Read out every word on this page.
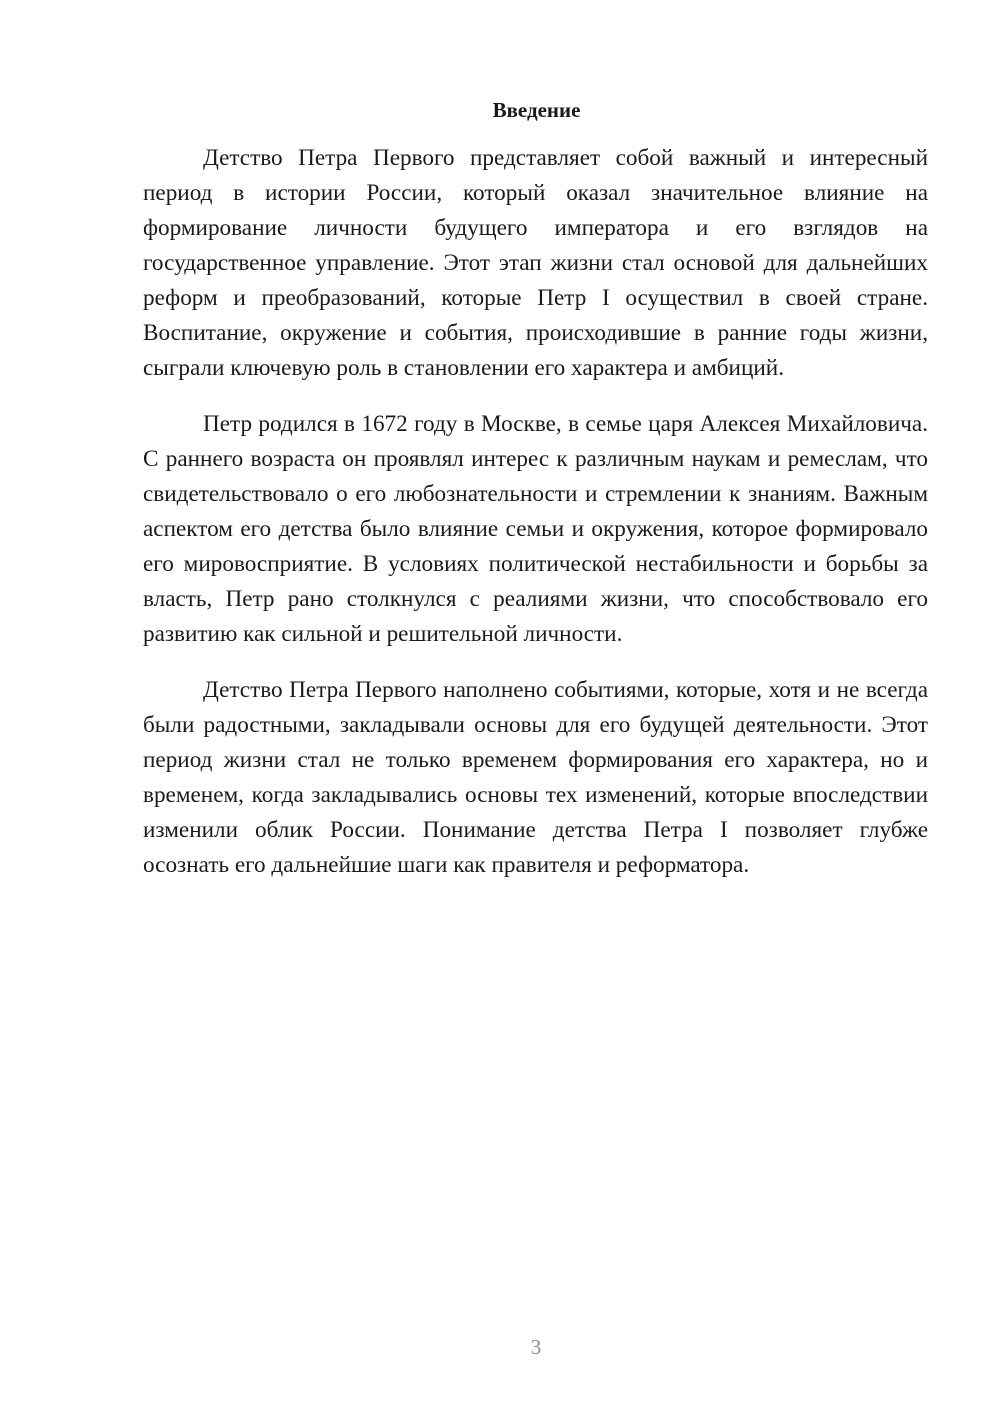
Введение

Детство Петра Первого представляет собой важный и интересный период в истории России, который оказал значительное влияние на формирование личности будущего императора и его взглядов на государственное управление. Этот этап жизни стал основой для дальнейших реформ и преобразований, которые Петр I осуществил в своей стране. Воспитание, окружение и события, происходившие в ранние годы жизни, сыграли ключевую роль в становлении его характера и амбиций.

Петр родился в 1672 году в Москве, в семье царя Алексея Михайловича. С раннего возраста он проявлял интерес к различным наукам и ремеслам, что свидетельствовало о его любознательности и стремлении к знаниям. Важным аспектом его детства было влияние семьи и окружения, которое формировало его мировосприятие. В условиях политической нестабильности и борьбы за власть, Петр рано столкнулся с реалиями жизни, что способствовало его развитию как сильной и решительной личности.

Детство Петра Первого наполнено событиями, которые, хотя и не всегда были радостными, закладывали основы для его будущей деятельности. Этот период жизни стал не только временем формирования его характера, но и временем, когда закладывались основы тех изменений, которые впоследствии изменили облик России. Понимание детства Петра I позволяет глубже осознать его дальнейшие шаги как правителя и реформатора.

3
